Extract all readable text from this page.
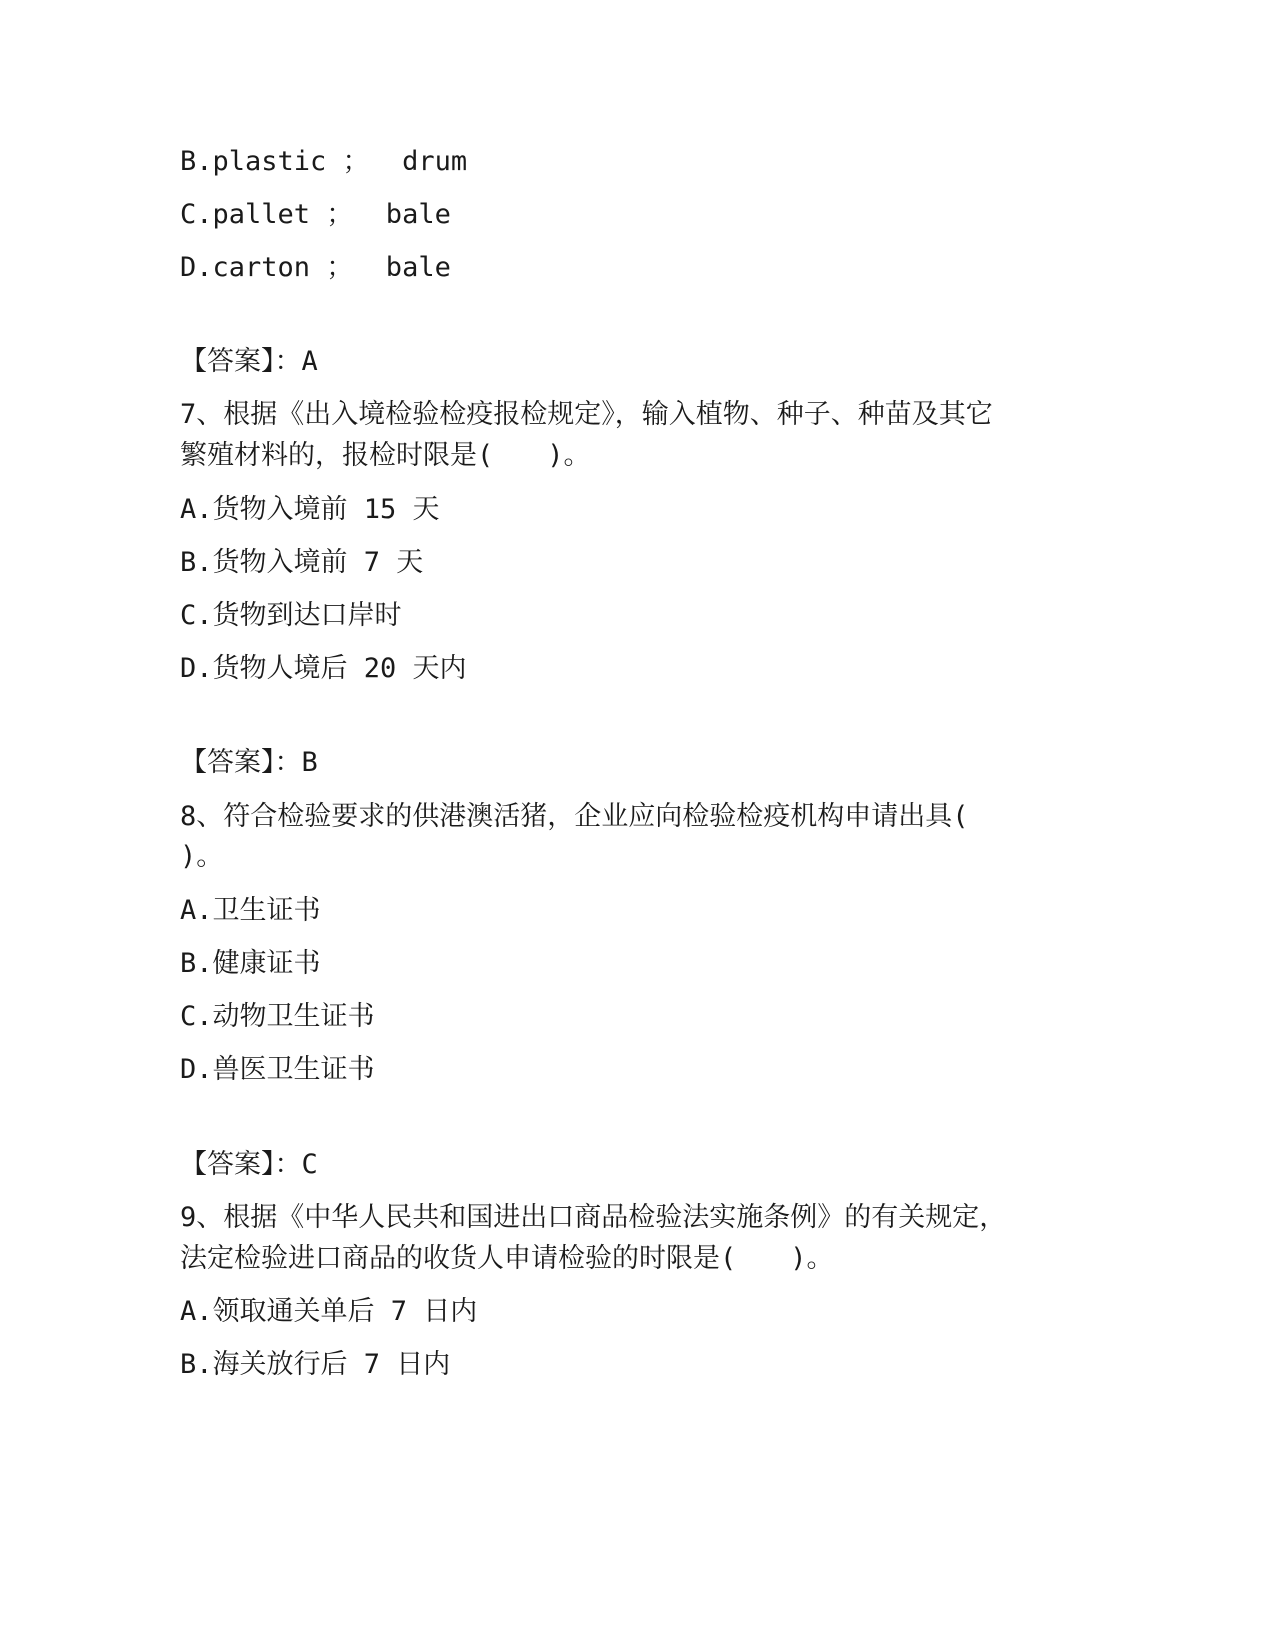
B.plastic ；  drum

C.pallet ；  bale

D.carton ；  bale

【答案】：A

7、根据《出入境检验检疫报检规定》，输入植物、种子、种苗及其它

繁殖材料的，报检时限是(　　)。

A.货物入境前 15 天

B.货物入境前 7 天

C.货物到达口岸时

D.货物人境后 20 天内

【答案】：B

8、符合检验要求的供港澳活猪，企业应向检验检疫机构申请出具(

)。

A.卫生证书

B.健康证书

C.动物卫生证书

D.兽医卫生证书

【答案】：C

9、根据《中华人民共和国进出口商品检验法实施条例》的有关规定，

法定检验进口商品的收货人申请检验的时限是(　　)。

A.领取通关单后 7 日内

B.海关放行后 7 日内
